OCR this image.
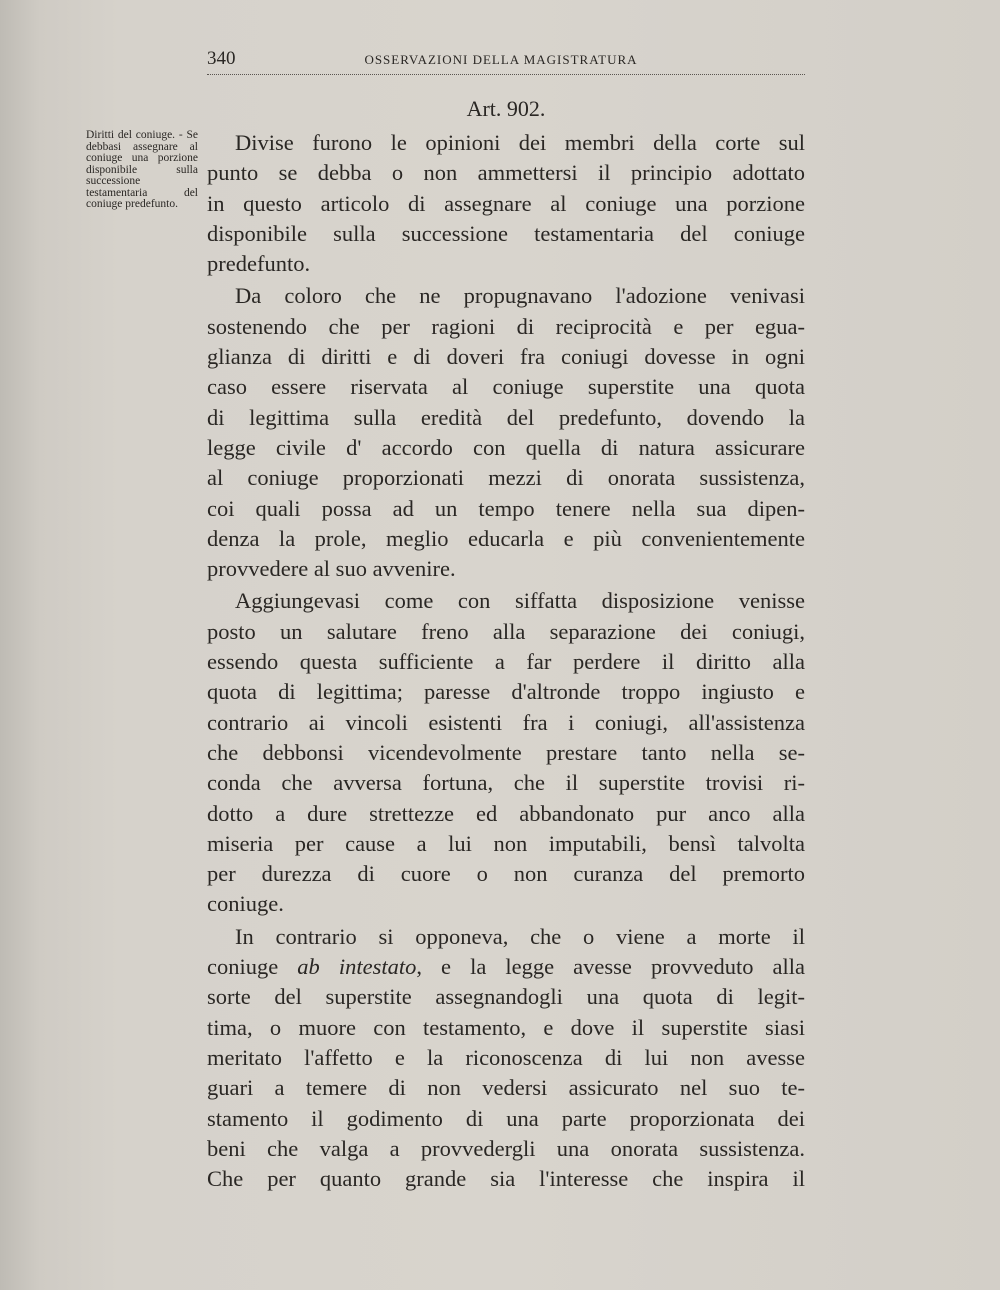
340	OSSERVAZIONI DELLA MAGISTRATURA
Diritti del coniuge. - Se debbasi assegnare al coniuge una porzione disponibile sulla successione testamentaria del coniuge predefunto.
Art. 902.
Divise furono le opinioni dei membri della corte sul
punto se debba o non ammettersi il principio adottato
in questo articolo di assegnare al coniuge una porzione
disponibile sulla successione testamentaria del coniuge
predefunto.
Da coloro che ne propugnavano l'adozione venivasi
sostenendo che per ragioni di reciprocità e per egua-
glianza di diritti e di doveri fra coniugi dovesse in ogni
caso essere riservata al coniuge superstite una quota
di legittima sulla eredità del predefunto, dovendo la
legge civile d' accordo con quella di natura assicurare
al coniuge proporzionati mezzi di onorata sussistenza,
coi quali possa ad un tempo tenere nella sua dipen-
denza la prole, meglio educarla e più convenientemente
provvedere al suo avvenire.
Aggiungevasi come con siffatta disposizione venisse
posto un salutare freno alla separazione dei coniugi,
essendo questa sufficiente a far perdere il diritto alla
quota di legittima; paresse d'altronde troppo ingiusto e
contrario ai vincoli esistenti fra i coniugi, all'assistenza
che debbonsi vicendevolmente prestare tanto nella se-
conda che avversa fortuna, che il superstite trovisi ri-
dotto a dure strettezze ed abbandonato pur anco alla
miseria per cause a lui non imputabili, bensì talvolta
per durezza di cuore o non curanza del premorto
coniuge.
In contrario si opponeva, che o viene a morte il
coniuge ab intestato, e la legge avesse provveduto alla
sorte del superstite assegnandogli una quota di legit-
tima, o muore con testamento, e dove il superstite siasi
meritato l'affetto e la riconoscenza di lui non avesse
guari a temere di non vedersi assicurato nel suo te-
stamento il godimento di una parte proporzionata dei
beni che valga a provvedergli una onorata sussistenza.
Che per quanto grande sia l'interesse che inspira il
